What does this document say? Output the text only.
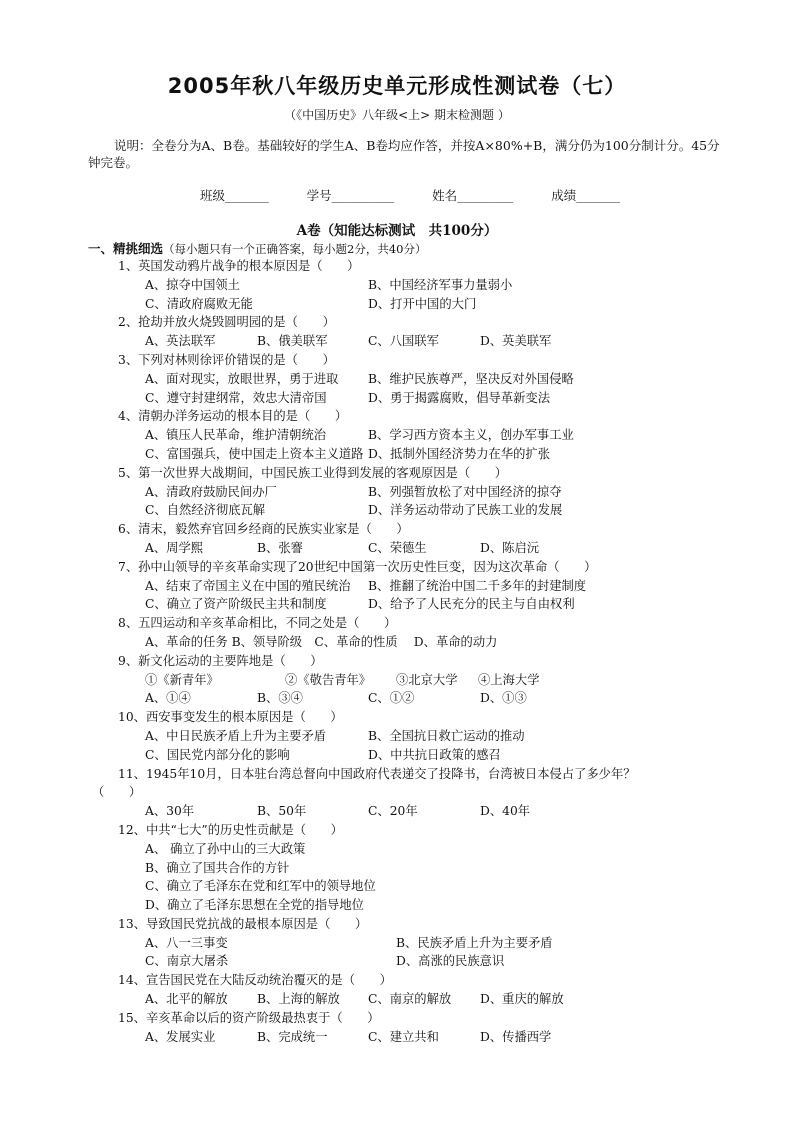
2005年秋八年级历史单元形成性测试卷（七）
（《中国历史》八年级<上> 期末检测题 ）
说明：全卷分为A、B卷。基础较好的学生A、B卷均应作答，并按A×80%+B，满分仍为100分制计分。45分钟完卷。
班级_______	学号__________	姓名_________	成绩_______
A卷（知能达标测试　共100分）
一、精挑细选（每小题只有一个正确答案，每小题2分，共40分）
1、英国发动鸦片战争的根本原因是（　　）
A、掠夺中国领土	B、中国经济军事力量弱小
C、清政府腐败无能	D、打开中国的大门
2、抢劫并放火烧毁圆明园的是（　　）
A、英法联军	B、俄美联军	C、八国联军	D、英美联军
3、下列对林则徐评价错误的是（　　）
A、面对现实，放眼世界，勇于进取 B、维护民族尊严，坚决反对外国侵略
C、遵守封建纲常，效忠大清帝国	D、勇于揭露腐败，倡导革新变法
4、清朝办洋务运动的根本目的是（　　）
A、镇压人民革命，维护清朝统治	B、学习西方资本主义，创办军事工业
C、富国强兵，使中国走上资本主义道路 D、抵制外国经济势力在华的扩张
5、第一次世界大战期间，中国民族工业得到发展的客观原因是（　　）
A、清政府鼓励民间办厂	B、列强暂放松了对中国经济的掠夺
C、自然经济彻底瓦解	D、洋务运动带动了民族工业的发展
6、清末，毅然弃官回乡经商的民族实业家是（　　）
A、周学熙	B、张謇	C、荣德生	D、陈启沅
7、孙中山领导的辛亥革命实现了20世纪中国第一次历史性巨变，因为这次革命（　　）
A、结束了帝国主义在中国的殖民统治 B、推翻了统治中国二千多年的封建制度
C、确立了资产阶级民主共和制度	D、给予了人民充分的民主与自由权利
8、五四运动和辛亥革命相比，不同之处是（　　）
A、革命的任务 B、领导阶级　C、革命的性质　 D、革命的动力
9、新文化运动的主要阵地是（　　）
①《新青年》	②《敬告青年》 ③北京大学 ④上海大学
A、①④	B、③④	C、①②	D、①③
10、西安事变发生的根本原因是（　　）
A、中日民族矛盾上升为主要矛盾	B、全国抗日救亡运动的推动
C、国民党内部分化的影响	D、中共抗日政策的感召
11、1945年10月，日本驻台湾总督向中国政府代表递交了投降书，台湾被日本侵占了多少年？
（　　）
A、30年	B、50年	C、20年	D、40年
12、中共“七大”的历史性贡献是（　　）
A、 确立了孙中山的三大政策
B、确立了国共合作的方针
C、确立了毛泽东在党和红军中的领导地位
D、确立了毛泽东思想在全党的指导地位
13、导致国民党抗战的最根本原因是（　　）
A、八一三事变	B、民族矛盾上升为主要矛盾
C、南京大屠杀	D、高涨的民族意识
14、宣告国民党在大陆反动统治覆灭的是（　　）
A、北平的解放 B、上海的解放 C、南京的解放 D、重庆的解放
15、辛亥革命以后的资产阶级最热衷于（　　）
A、发展实业	B、完成统一	C、建立共和	D、传播西学
